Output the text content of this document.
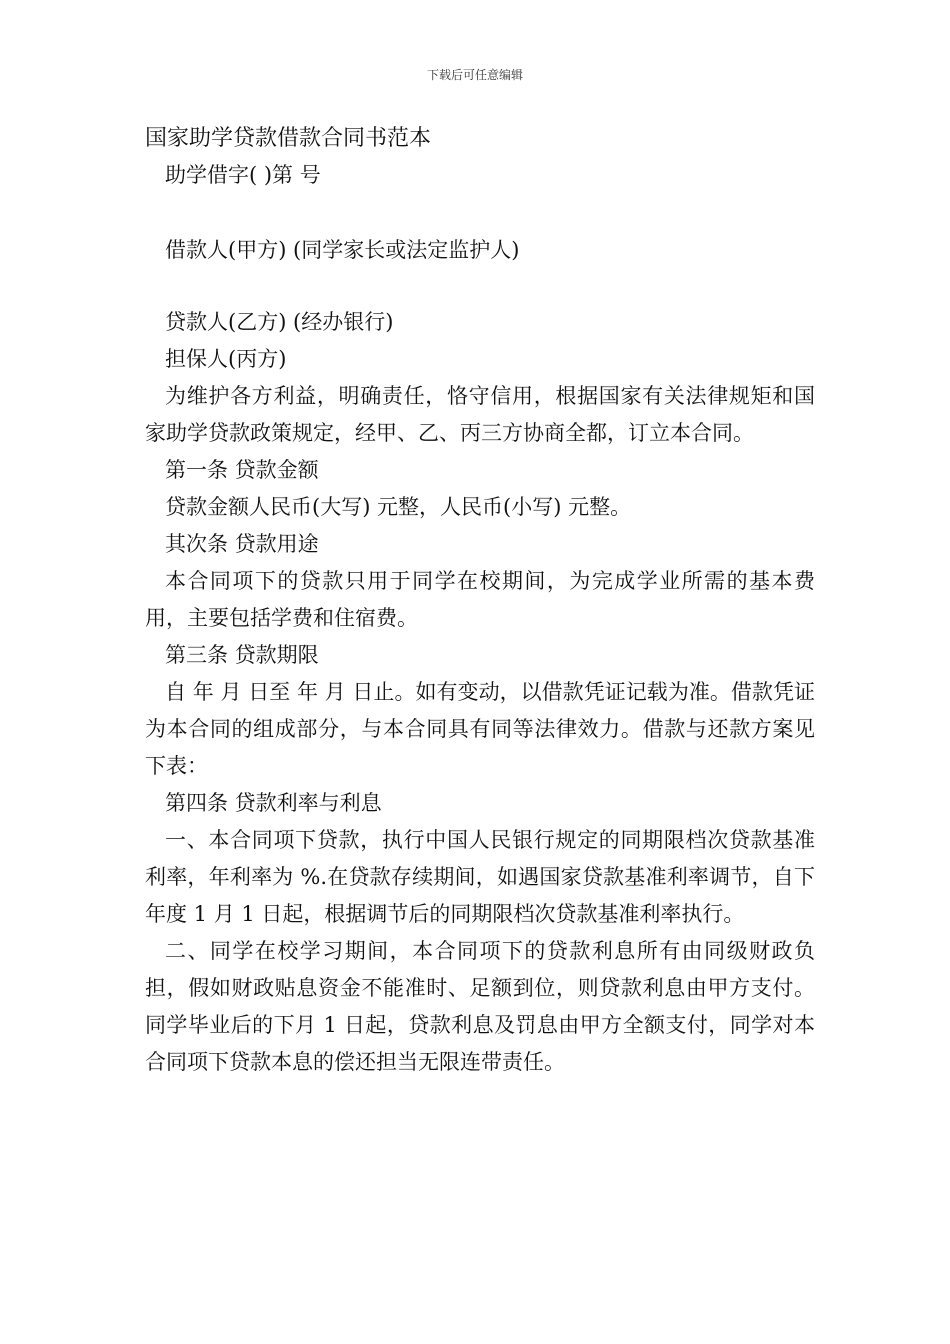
下载后可任意编辑

国家助学贷款借款合同书范本

助学借字( )第 号

借款人(甲方) (同学家长或法定监护人)

贷款人(乙方) (经办银行)

担保人(丙方)

为维护各方利益，明确责任，恪守信用，根据国家有关法律规矩和国家助学贷款政策规定，经甲、乙、丙三方协商全都，订立本合同。

第一条 贷款金额

贷款金额人民币(大写) 元整，人民币(小写) 元整。

其次条 贷款用途

本合同项下的贷款只用于同学在校期间，为完成学业所需的基本费用，主要包括学费和住宿费。

第三条 贷款期限

自 年 月 日至 年 月 日止。如有变动，以借款凭证记载为准。借款凭证为本合同的组成部分，与本合同具有同等法律效力。借款与还款方案见下表：

第四条 贷款利率与利息

一、本合同项下贷款，执行中国人民银行规定的同期限档次贷款基准利率，年利率为 %.在贷款存续期间，如遇国家贷款基准利率调节，自下年度 1 月 1 日起，根据调节后的同期限档次贷款基准利率执行。

二、同学在校学习期间，本合同项下的贷款利息所有由同级财政负担，假如财政贴息资金不能准时、足额到位，则贷款利息由甲方支付。同学毕业后的下月 1 日起，贷款利息及罚息由甲方全额支付，同学对本合同项下贷款本息的偿还担当无限连带责任。
